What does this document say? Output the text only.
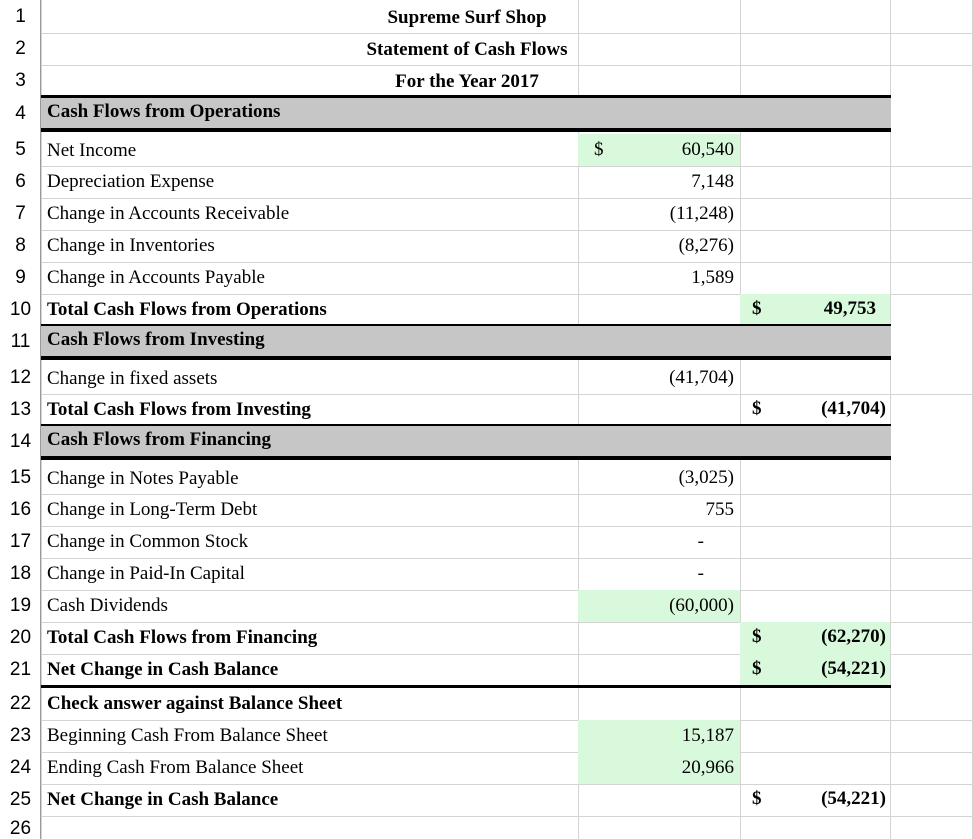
1
2
3
4
5
6
7
8
9
10
11
12
13
14
15
16
17
18
19
20
21
22
23
24
25
26
Supreme Surf Shop
Statement of Cash Flows
For the Year 2017
Cash Flows from Operations
Net Income	$	60,540
Depreciation Expense	7,148
Change in Accounts Receivable	(11,248)
Change in Inventories	(8,276)
Change in Accounts Payable	1,589
Total Cash Flows from Operations	$	49,753
Cash Flows from Investing
Change in fixed assets	(41,704)
Total Cash Flows from Investing	$	(41,704)
Cash Flows from Financing
Change in Notes Payable	(3,025)
Change in Long-Term Debt	755
Change in Common Stock	-
Change in Paid-In Capital	-
Cash Dividends	(60,000)
Total Cash Flows from Financing	$	(62,270)
Net Change in Cash Balance	$	(54,221)
Check answer against Balance Sheet
Beginning Cash From Balance Sheet	15,187
Ending Cash From Balance Sheet	20,966
Net Change in Cash Balance	$	(54,221)
